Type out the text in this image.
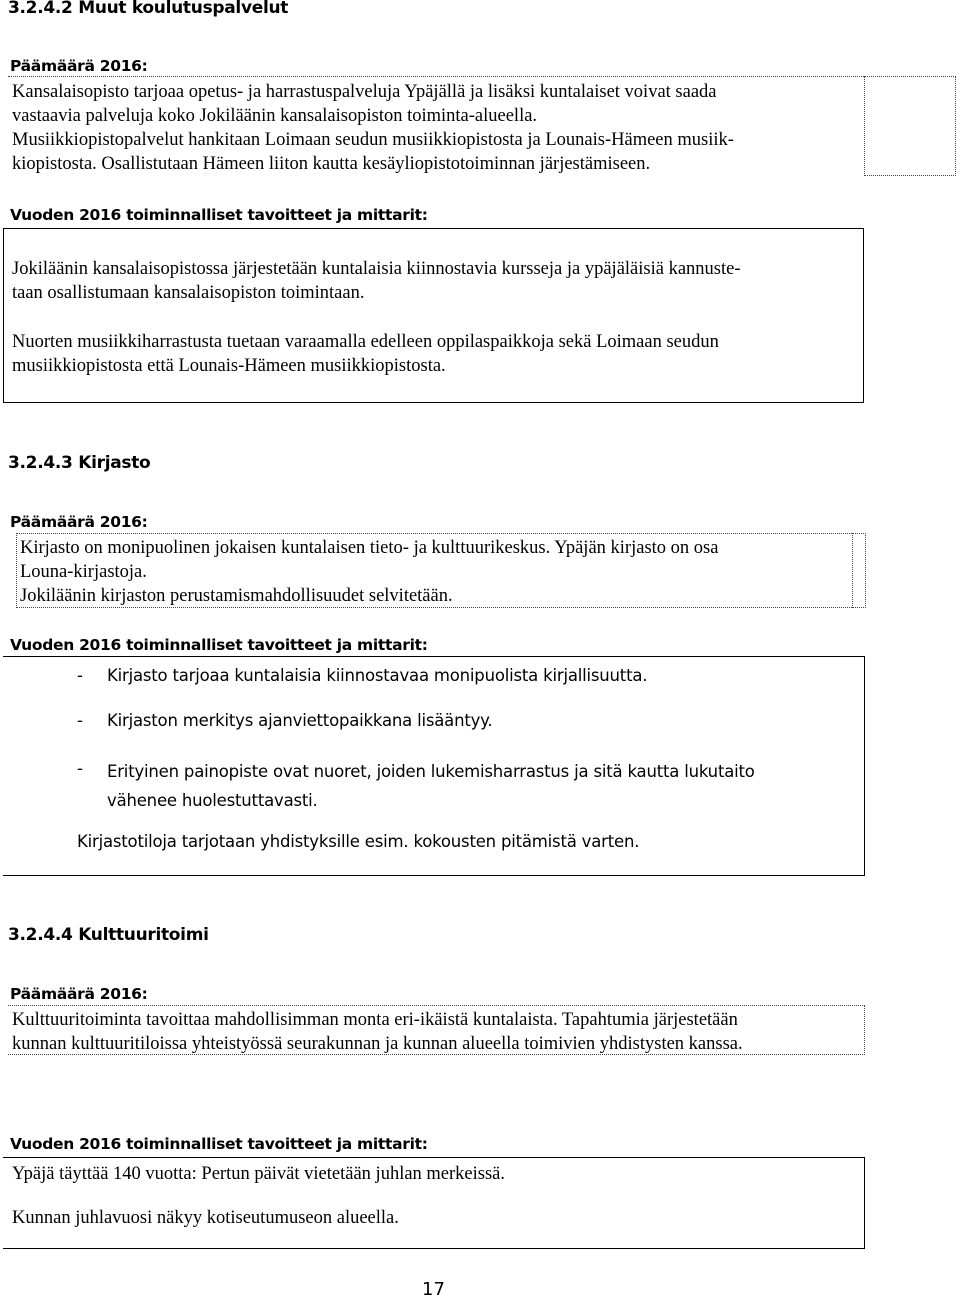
3.2.4.2 Muut koulutuspalvelut
Päämäärä 2016:

Kansalaisopisto tarjoaa opetus- ja harrastuspalveluja Ypäjällä ja lisäksi kuntalaiset voivat saada

vastaavia palveluja koko Jokiläänin kansalaisopiston toiminta-alueella.

Musiikkiopistopalvelut hankitaan Loimaan seudun musiikkiopistosta ja Lounais-Hämeen musiik-

kiopistosta. Osallistutaan Hämeen liiton kautta kesäyliopistotoiminnan järjestämiseen.

Vuoden 2016 toiminnalliset tavoitteet ja mittarit:

Jokiläänin kansalaisopistossa järjestetään kuntalaisia kiinnostavia kursseja ja ypäjäläisiä kannuste-

taan osallistumaan kansalaisopiston toimintaan.

Nuorten musiikkiharrastusta tuetaan varaamalla edelleen oppilaspaikkoja sekä Loimaan seudun

musiikkiopistosta että Lounais-Hämeen musiikkiopistosta.

3.2.4.3 Kirjasto
Päämäärä 2016:

Kirjasto on monipuolinen jokaisen kuntalaisen tieto- ja kulttuurikeskus. Ypäjän kirjasto on osa

Louna-kirjastoja.

Jokiläänin kirjaston perustamismahdollisuudet selvitetään.

Vuoden 2016 toiminnalliset tavoitteet ja mittarit:
- Kirjasto tarjoaa kuntalaisia kiinnostavaa monipuolista kirjallisuutta.
- Kirjaston merkitys ajanviettopaikkana lisääntyy.
- Erityinen painopiste ovat nuoret, joiden lukemisharrastus ja sitä kautta lukutaito

vähenee huolestuttavasti.

Kirjastotiloja tarjotaan yhdistyksille esim. kokousten pitämistä varten.
3.2.4.4 Kulttuuritoimi
Päämäärä 2016:

Kulttuuritoiminta tavoittaa mahdollisimman monta eri-ikäistä kuntalaista. Tapahtumia järjestetään

kunnan kulttuuritiloissa yhteistyössä seurakunnan ja kunnan alueella toimivien yhdistysten kanssa.

Vuoden 2016 toiminnalliset tavoitteet ja mittarit:
Ypäjä täyttää 140 vuotta: Pertun päivät vietetään juhlan merkeissä.
Kunnan juhlavuosi näkyy kotiseutumuseon alueella.
17
